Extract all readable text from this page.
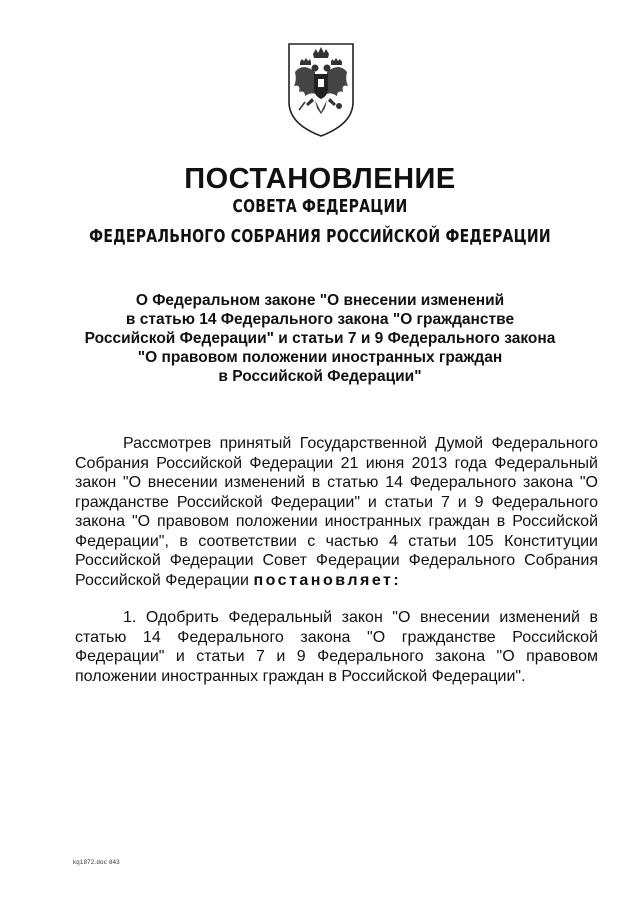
ПОСТАНОВЛЕНИЕ
СОВЕТА ФЕДЕРАЦИИ
ФЕДЕРАЛЬНОГО СОБРАНИЯ РОССИЙСКОЙ ФЕДЕРАЦИИ
О Федеральном законе "О внесении изменений
в статью 14 Федерального закона "О гражданстве
Российской Федерации" и статьи 7 и 9 Федерального закона
"О правовом положении иностранных граждан
в Российской Федерации"
Рассмотрев принятый Государственной Думой Федерального
Собрания Российской Федерации 21 июня 2013 года Федеральный
закон "О внесении изменений в статью 14 Федерального закона "О
гражданстве Российской Федерации" и статьи 7 и 9 Федерального
закона "О правовом положении иностранных граждан в Российской
Федерации", в соответствии с частью 4 статьи 105 Конституции
Российской Федерации Совет Федерации Федерального Собрания
Российской Федерации постановляет:
1. Одобрить Федеральный закон "О внесении изменений в
статью 14 Федерального закона "О гражданстве Российской
Федерации" и статьи 7 и 9 Федерального закона "О правовом
положении иностранных граждан в Российской Федерации".
kq1872.doc 843
